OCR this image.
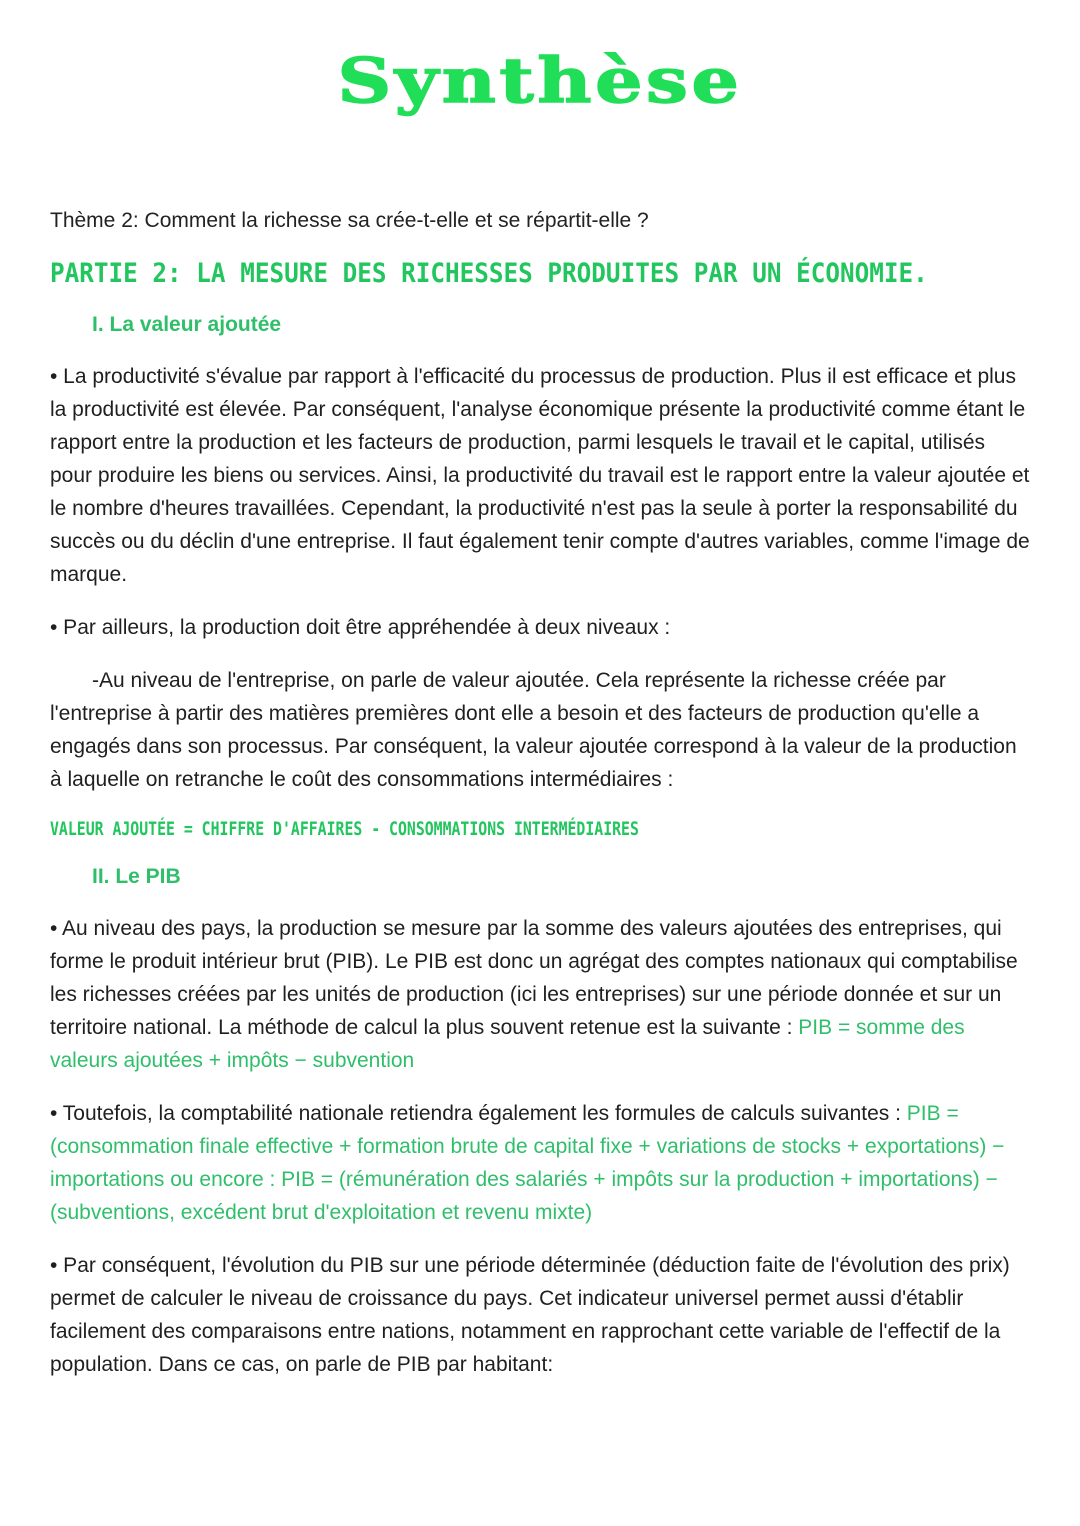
Synthèse

Thème 2: Comment la richesse sa crée-t-elle et se répartit-elle ?

PARTIE 2: LA MESURE DES RICHESSES PRODUITES PAR UN ÉCONOMIE.
I. La valeur ajoutée

• La productivité s'évalue par rapport à l'efficacité du processus de production. Plus il est efficace et plus la productivité est élevée. Par conséquent, l'analyse économique présente la productivité comme étant le rapport entre la production et les facteurs de production, parmi lesquels le travail et le capital, utilisés pour produire les biens ou services. Ainsi, la productivité du travail est le rapport entre la valeur ajoutée et le nombre d'heures travaillées. Cependant, la productivité n'est pas la seule à porter la responsabilité du succès ou du déclin d'une entreprise. Il faut également tenir compte d'autres variables, comme l'image de marque.

• Par ailleurs, la production doit être appréhendée à deux niveaux :

-Au niveau de l'entreprise, on parle de valeur ajoutée. Cela représente la richesse créée par l'entreprise à partir des matières premières dont elle a besoin et des facteurs de production qu'elle a engagés dans son processus. Par conséquent, la valeur ajoutée correspond à la valeur de la production à laquelle on retranche le coût des consommations intermédiaires :

VALEUR AJOUTÉE = CHIFFRE D'AFFAIRES - CONSOMMATIONS INTERMÉDIAIRES

II. Le PIB

• Au niveau des pays, la production se mesure par la somme des valeurs ajoutées des entreprises, qui forme le produit intérieur brut (PIB). Le PIB est donc un agrégat des comptes nationaux qui comptabilise les richesses créées par les unités de production (ici les entreprises) sur une période donnée et sur un territoire national. La méthode de calcul la plus souvent retenue est la suivante : PIB = somme des valeurs ajoutées + impôts − subvention

• Toutefois, la comptabilité nationale retiendra également les formules de calculs suivantes : PIB = (consommation finale effective + formation brute de capital fixe + variations de stocks + exportations) − importations ou encore : PIB = (rémunération des salariés + impôts sur la production + importations) − (subventions, excédent brut d'exploitation et revenu mixte)

• Par conséquent, l'évolution du PIB sur une période déterminée (déduction faite de l'évolution des prix) permet de calculer le niveau de croissance du pays. Cet indicateur universel permet aussi d'établir facilement des comparaisons entre nations, notamment en rapprochant cette variable de l'effectif de la population. Dans ce cas, on parle de PIB par habitant:
